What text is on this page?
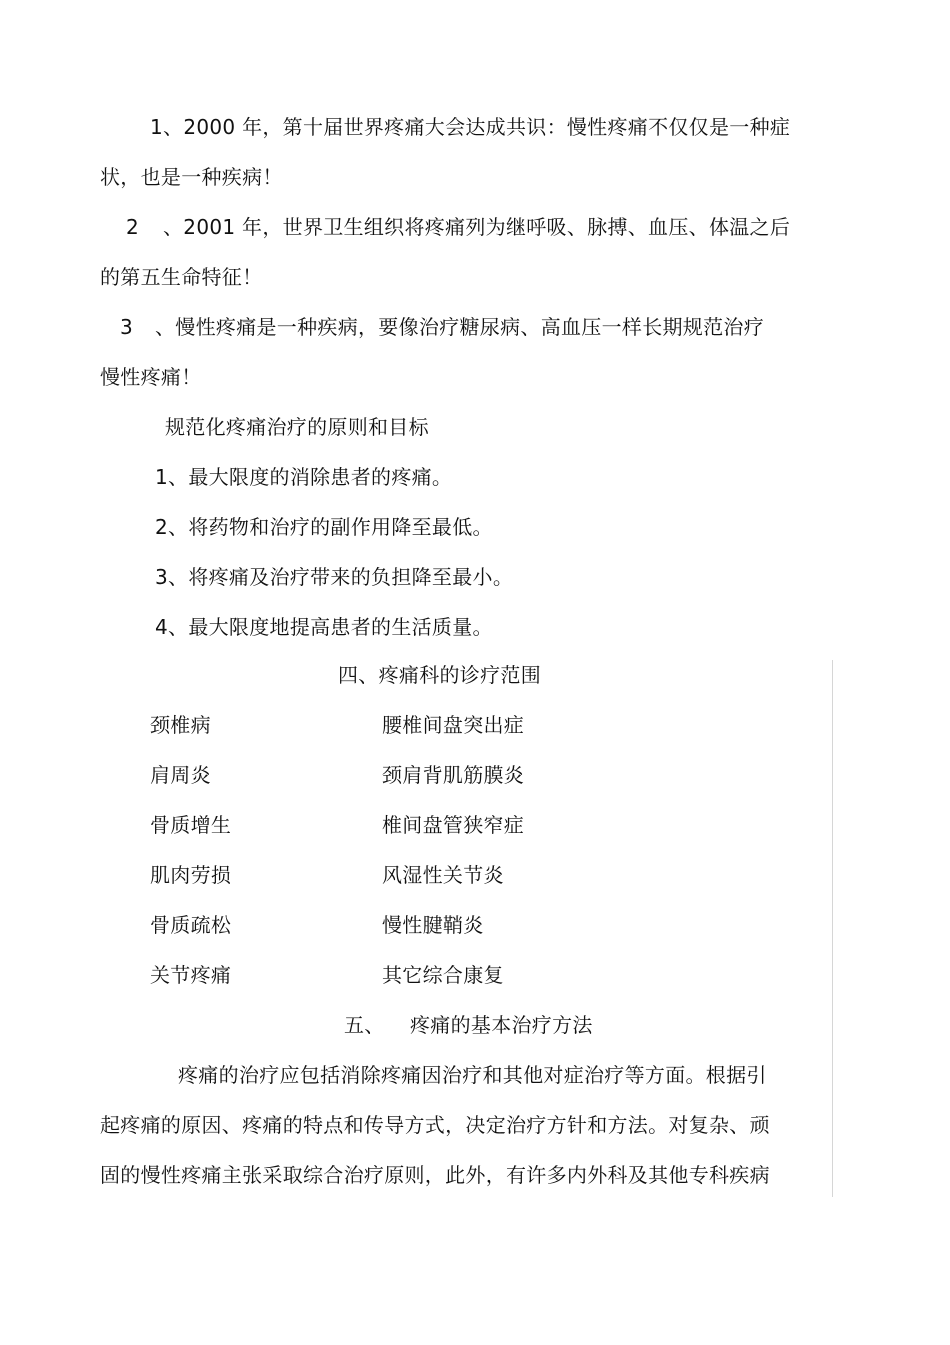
1、2000 年，第十届世界疼痛大会达成共识：慢性疼痛不仅仅是一种症
状，也是一种疾病！
2 、2001 年，世界卫生组织将疼痛列为继呼吸、脉搏、血压、体温之后
的第五生命特征！
3 、慢性疼痛是一种疾病，要像治疗糖尿病、高血压一样长期规范治疗
慢性疼痛！
规范化疼痛治疗的原则和目标
1、最大限度的消除患者的疼痛。
2、将药物和治疗的副作用降至最低。
3、将疼痛及治疗带来的负担降至最小。
4、最大限度地提高患者的生活质量。
四、疼痛科的诊疗范围
颈椎病	腰椎间盘突出症
肩周炎	颈肩背肌筋膜炎
骨质增生	椎间盘管狭窄症
肌肉劳损	风湿性关节炎
骨质疏松	慢性腱鞘炎
关节疼痛	其它综合康复
五、 疼痛的基本治疗方法
疼痛的治疗应包括消除疼痛因治疗和其他对症治疗等方面。根据引
起疼痛的原因、疼痛的特点和传导方式，决定治疗方针和方法。对复杂、顽
固的慢性疼痛主张采取综合治疗原则，此外，有许多内外科及其他专科疾病
